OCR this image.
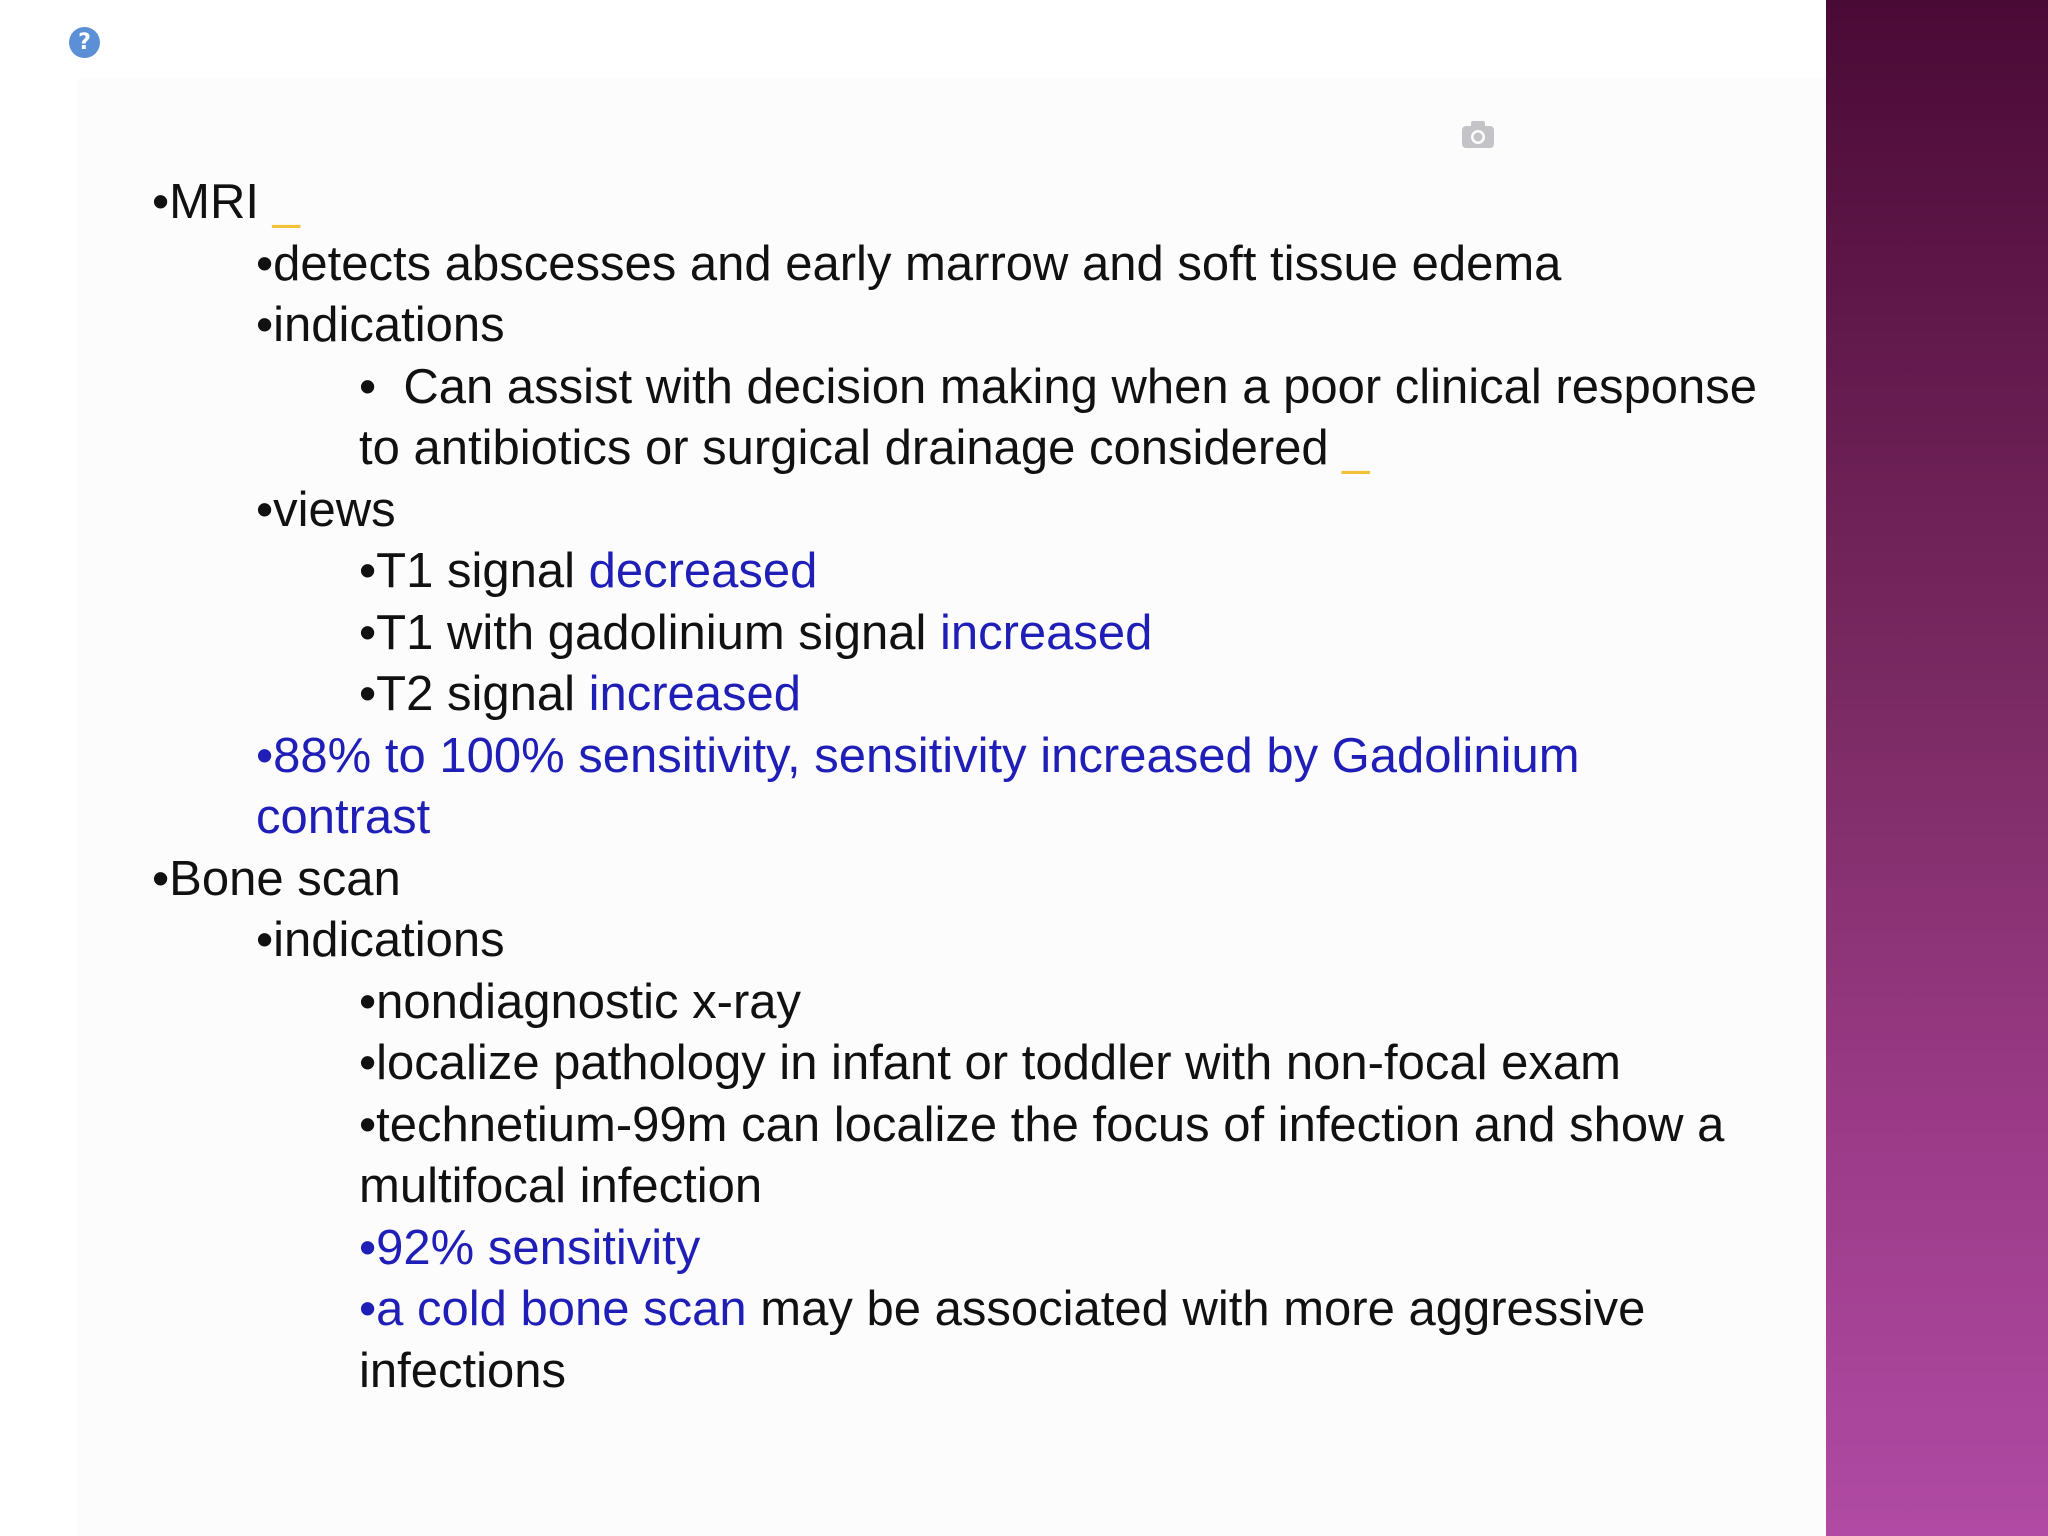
?
•MRI _
•detects abscesses and early marrow and soft tissue edema
•indications
•  Can assist with decision making when a poor clinical response
to antibiotics or surgical drainage considered _
•views
•T1 signal decreased
•T1 with gadolinium signal increased
•T2 signal increased
•88% to 100% sensitivity, sensitivity increased by Gadolinium
contrast
•Bone scan
•indications
•nondiagnostic x-ray
•localize pathology in infant or toddler with non-focal exam
•technetium-99m can localize the focus of infection and show a
multifocal infection
•92% sensitivity
•a cold bone scan may be associated with more aggressive
infections
